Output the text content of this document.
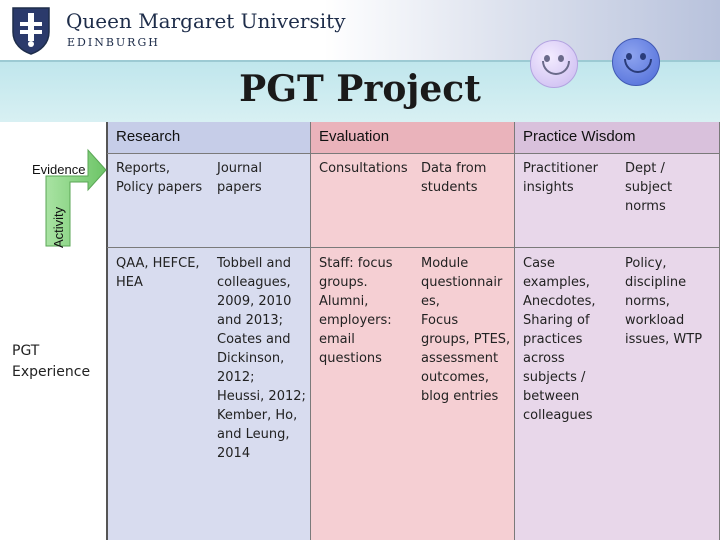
Queen Margaret University
EDINBURGH
PGT Project
Research	Evaluation	Practice Wisdom
Reports,
Policy papers
Journal
papers
Consultations Data from
students
Practitioner
insights
Dept /
subject
norms
QAA, HEFCE,
HEA
Tobbell and
colleagues,
2009, 2010
and 2013;
Coates and
Dickinson,
2012;
Heussi, 2012;
Kember, Ho,
and Leung,
2014
Staff: focus
groups.
Alumni,
employers:
email
questions
Module
questionnair
es,
Focus
groups, PTES,
assessment
outcomes,
blog entries
Case
examples,
Anecdotes,
Sharing of
practices
across
subjects /
between
colleagues
Policy,
discipline
norms,
workload
issues, WTP
Evidence
Activity
PGT
Experience
